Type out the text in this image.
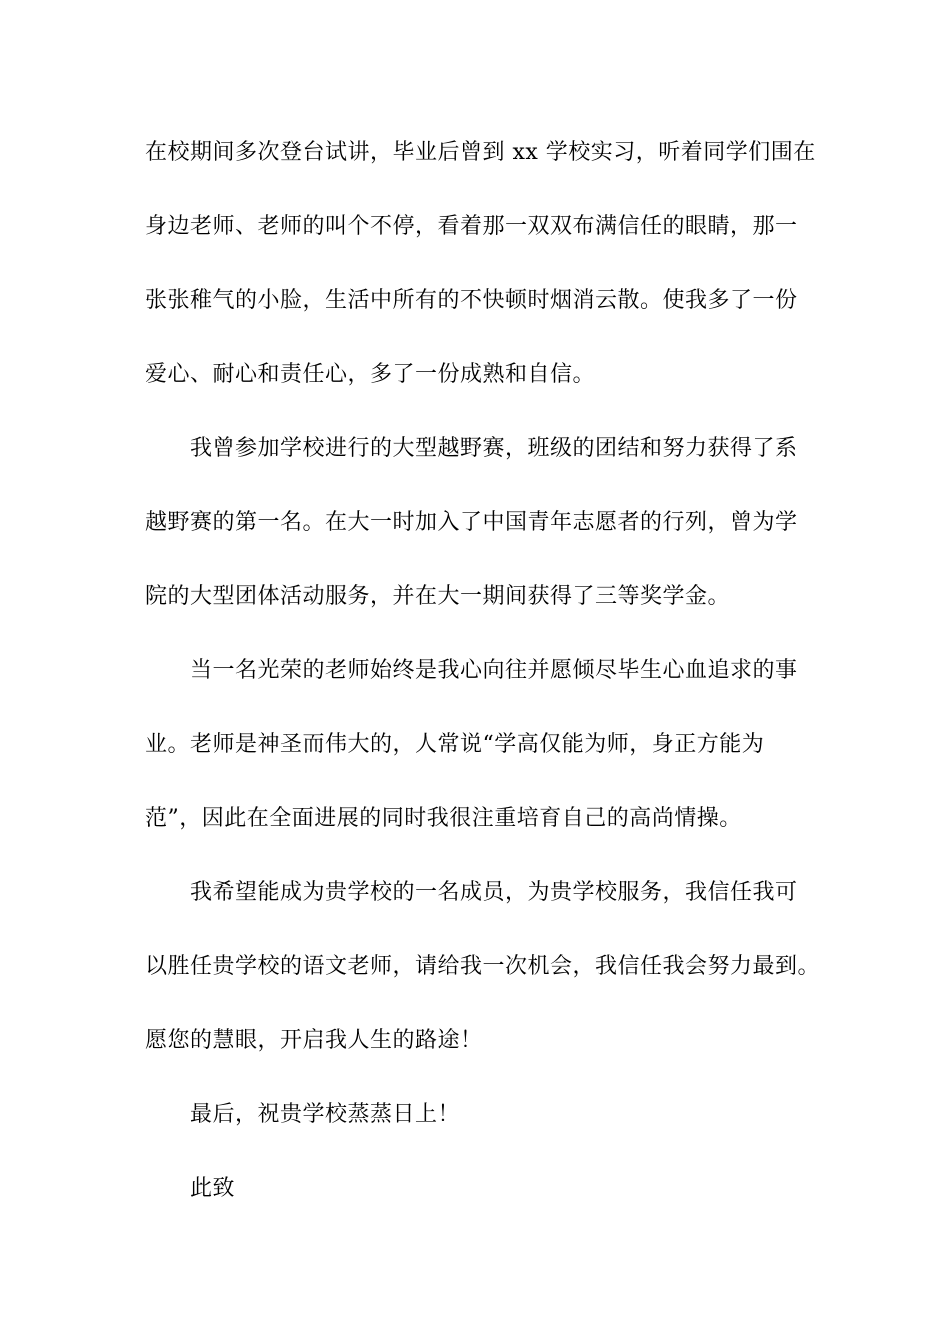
在校期间多次登台试讲，毕业后曾到 xx 学校实习，听着同学们围在
身边老师、老师的叫个不停，看着那一双双布满信任的眼睛，那一
张张稚气的小脸，生活中所有的不快顿时烟消云散。使我多了一份
爱心、耐心和责任心，多了一份成熟和自信。
我曾参加学校进行的大型越野赛，班级的团结和努力获得了系
越野赛的第一名。在大一时加入了中国青年志愿者的行列，曾为学
院的大型团体活动服务，并在大一期间获得了三等奖学金。
当一名光荣的老师始终是我心向往并愿倾尽毕生心血追求的事
业。老师是神圣而伟大的，人常说“学高仅能为师，身正方能为
范”，因此在全面进展的同时我很注重培育自己的高尚情操。
我希望能成为贵学校的一名成员，为贵学校服务，我信任我可
以胜任贵学校的语文老师，请给我一次机会，我信任我会努力最到。
愿您的慧眼，开启我人生的路途！
最后，祝贵学校蒸蒸日上！
此致
